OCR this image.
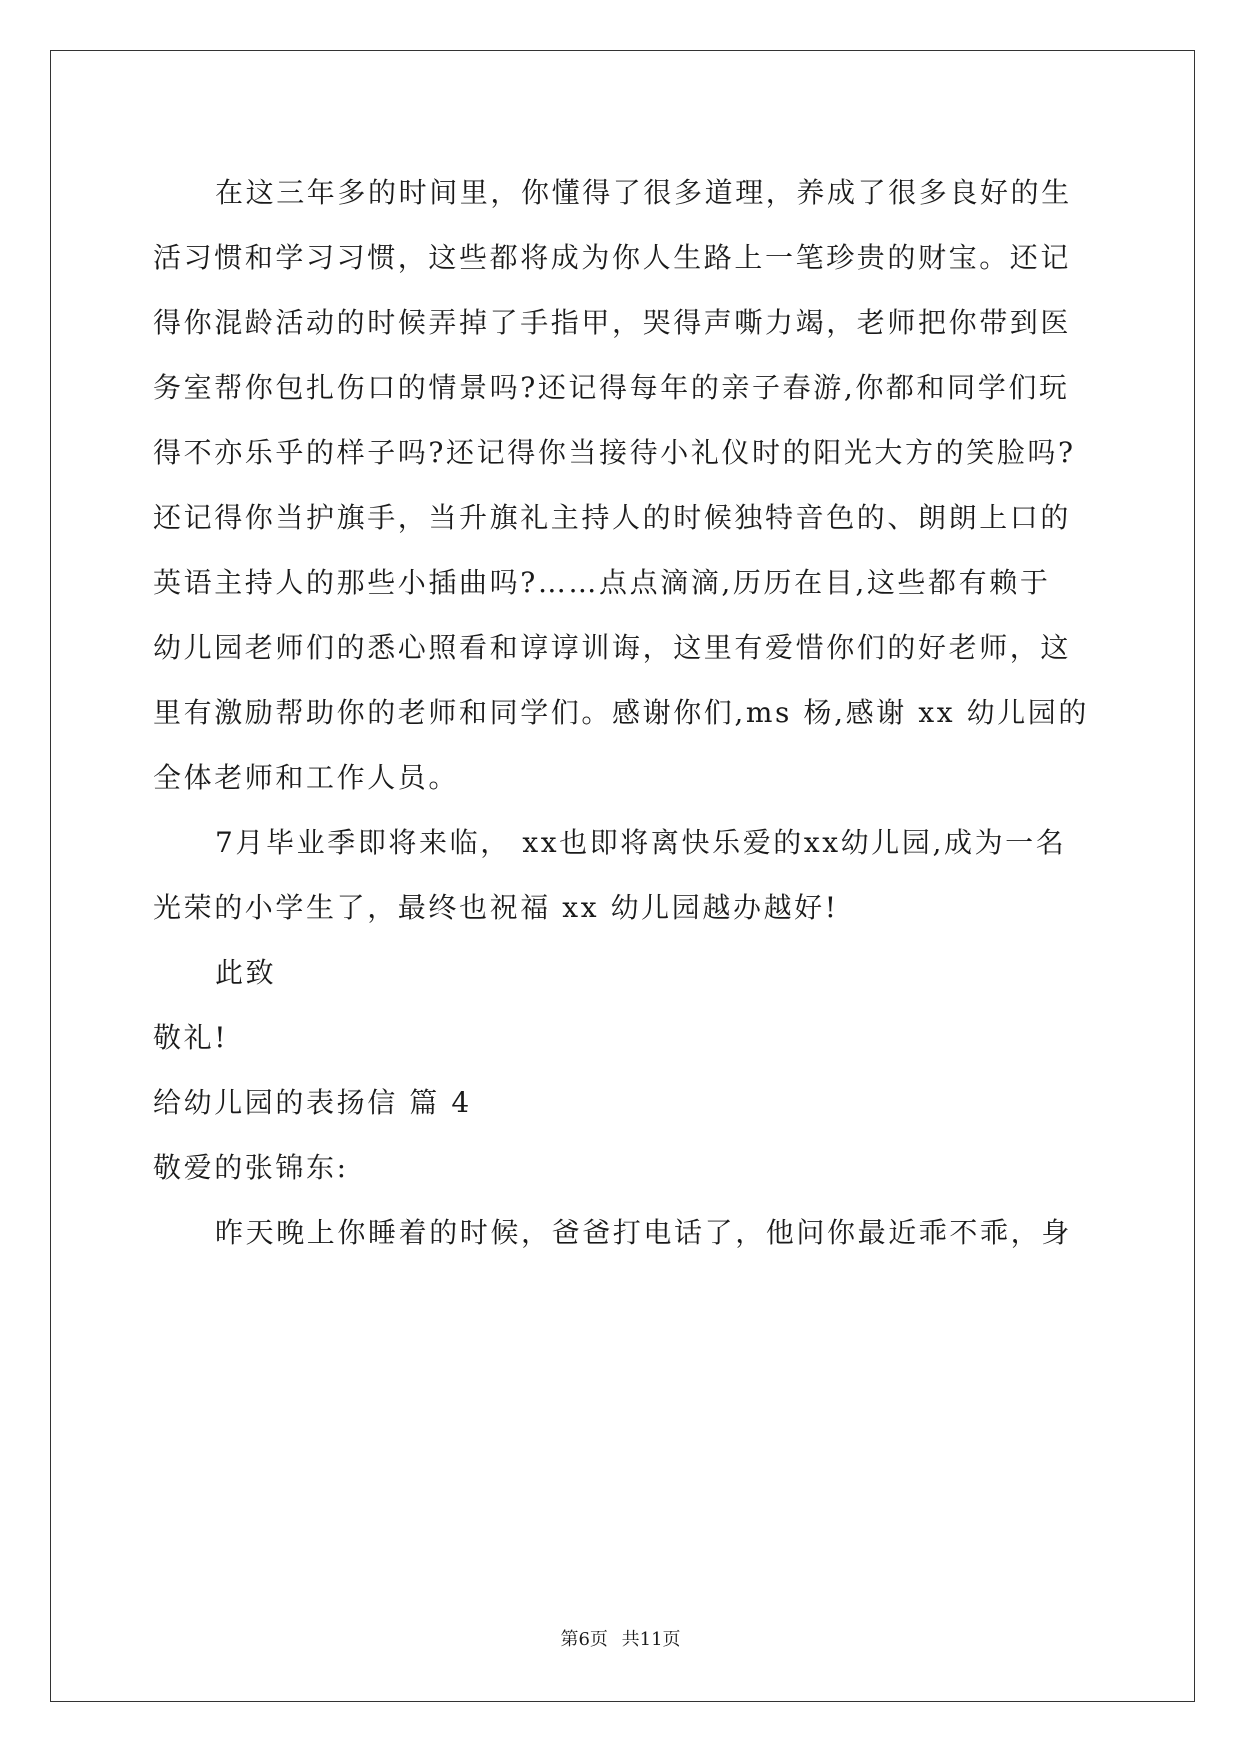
在这三年多的时间里，你懂得了很多道理，养成了很多良好的生
活习惯和学习习惯，这些都将成为你人生路上一笔珍贵的财宝。还记
得你混龄活动的时候弄掉了手指甲，哭得声嘶力竭，老师把你带到医
务室帮你包扎伤口的情景吗?还记得每年的亲子春游,你都和同学们玩
得不亦乐乎的样子吗?还记得你当接待小礼仪时的阳光大方的笑脸吗?
还记得你当护旗手，当升旗礼主持人的时候独特音色的、朗朗上口的
英语主持人的那些小插曲吗?……点点滴滴,历历在目,这些都有赖于
幼儿园老师们的悉心照看和谆谆训诲，这里有爱惜你们的好老师，这
里有激励帮助你的老师和同学们。感谢你们,ms 杨,感谢 xx 幼儿园的
全体老师和工作人员。
7月毕业季即将来临， xx也即将离快乐爱的xx幼儿园,成为一名
光荣的小学生了，最终也祝福 xx 幼儿园越办越好!
此致
敬礼!
给幼儿园的表扬信 篇 4
敬爱的张锦东:
昨天晚上你睡着的时候，爸爸打电话了，他问你最近乖不乖，身
第6页 共11页
